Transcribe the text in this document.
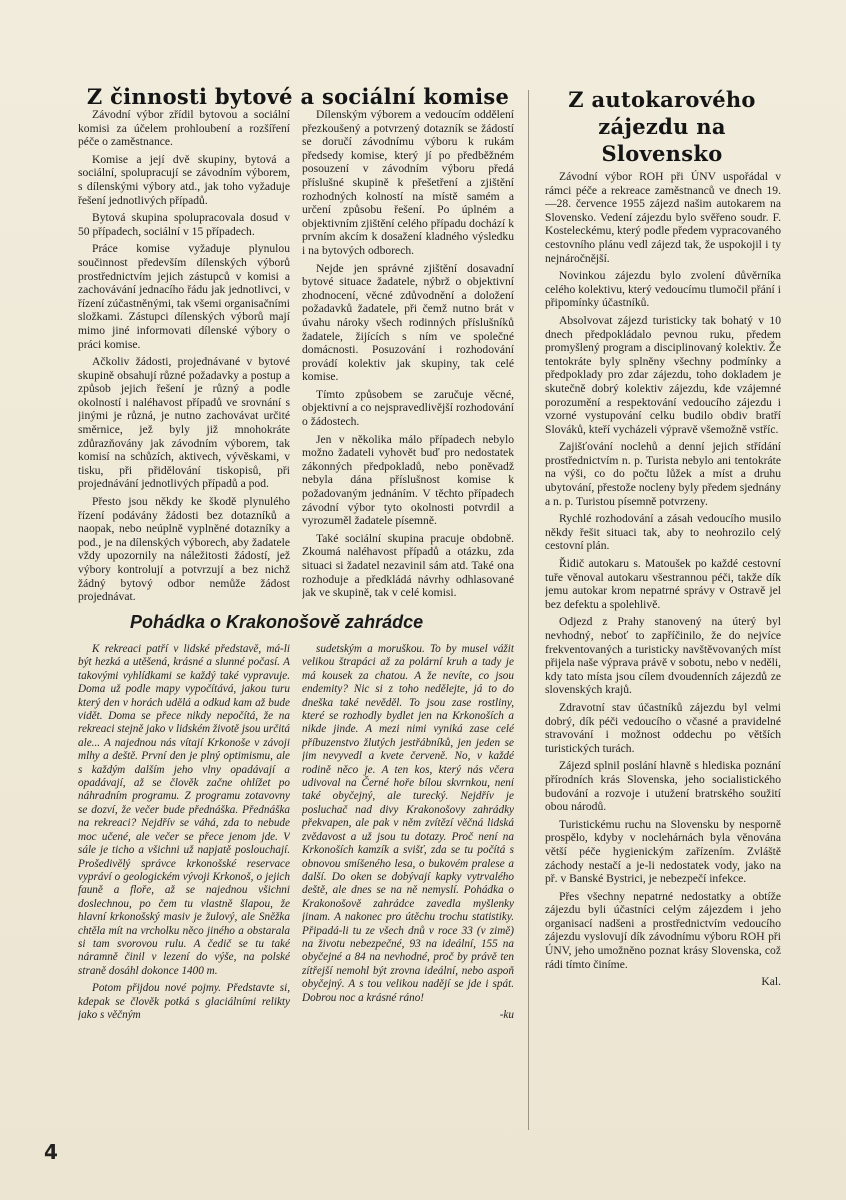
Z činnosti bytové a sociální komise

Závodní výbor zřídil bytovou a sociální komisi za účelem prohloubení a rozšíření péče o zaměstnance.

Komise a její dvě skupiny, bytová a sociální, spolupracují se závodním výborem, s dílenskými výbory atd., jak toho vyžaduje řešení jednotlivých případů.

Bytová skupina spolupracovala dosud v 50 případech, sociální v 15 případech.

Práce komise vyžaduje plynulou součinnost především dílenských výborů prostřednictvím jejich zástupců v komisi a zachovávání jednacího řádu jak jednotlivci, v řízení zúčastněnými, tak všemi organisačními složkami. Zástupci dílenských výborů mají mimo jiné informovati dílenské výbory o práci komise.

Ačkoliv žádosti, projednávané v bytové skupině obsahují různé požadavky a postup a způsob jejich řešení je různý a podle okolností i naléhavost případů ve srovnání s jinými je různá, je nutno zachovávat určité směrnice, jež byly již mnohokráte zdůrazňovány jak závodním výborem, tak komisí na schůzích, aktivech, vývěskami, v tisku, při přidělování tiskopisů, při projednávání jednotlivých případů a pod.

Přesto jsou někdy ke škodě plynulého řízení podávány žádosti bez dotazníků a naopak, nebo neúplně vyplněné dotazníky a pod., je na dílenských výborech, aby žadatele vždy upozornily na náležitosti žádostí, jež výbory kontrolují a potvrzují a bez nichž žádný bytový odbor nemůže žádost projednávat.

Dílenským výborem a vedoucím oddělení přezkoušený a potvrzený dotazník se žádostí se doručí závodnímu výboru k rukám předsedy komise, který jí po předběžném posouzení v závodním výboru předá příslušné skupině k přešetření a zjištění rozhodných kolností na místě samém a určení způsobu řešení. Po úplném a objektivním zjištění celého případu dochází k prvním akcím k dosažení kladného výsledku i na bytových odborech.

Nejde jen správné zjištění dosavadní bytové situace žadatele, nýbrž o objektivní zhodnocení, věcné zdůvodnění a doložení požadavků žadatele, při čemž nutno brát v úvahu nároky všech rodinných příslušníků žadatele, žijících s ním ve společné domácnosti. Posuzování i rozhodování provádí kolektiv jak skupiny, tak celé komise.

Tímto způsobem se zaručuje věcné, objektivní a co nejspravedlivější rozhodování o žádostech.

Jen v několika málo případech nebylo možno žadateli vyhovět buď pro nedostatek zákonných předpokladů, nebo poněvadž nebyla dána příslušnost komise k požadovaným jednáním. V těchto případech závodní výbor tyto okolnosti potvrdil a vyrozuměl žadatele písemně.

Také sociální skupina pracuje obdobně. Zkoumá naléhavost případů a otázku, zda situaci si žadatel nezavinil sám atd. Také ona rozhoduje a předkládá návrhy odhlasované jak ve skupině, tak v celé komisi.

Pohádka o Krakonošově zahrádce

K rekreaci patří v lidské představě, má-li být hezká a utěšená, krásné a slunné počasí. A takovými vyhlídkami se každý také vypravuje. Doma už podle mapy vypočítává, jakou turu který den v horách udělá a odkud kam až bude vidět. Doma se přece nikdy nepočítá, že na rekreaci stejně jako v lidském životě jsou určitá ale... A najednou nás vítají Krkonoše v závoji mlhy a deště. První den je plný optimismu, ale s každým dalším jeho vlny opadávají a opadávají, až se člověk začne ohlížet po náhradním programu. Z programu zotavovny se dozví, že večer bude přednáška. Přednáška na rekreaci? Nejdřív se váhá, zda to nebude moc učené, ale večer se přece jenom jde. V sále je ticho a všichni už napjatě poslouchají. Prošedivělý správce krkonošské reservace vypráví o geologickém vývoji Krkonoš, o jejich fauně a floře, až se najednou všichni doslechnou, po čem tu vlastně šlapou, že hlavní krkonošský masiv je žulový, ale Sněžka chtěla mít na vrcholku něco jiného a obstarala si tam svorovou rulu. A čedič se tu také náramně činil v lezení do výše, na polské straně dosáhl dokonce 1400 m.

Potom přijdou nové pojmy. Představte si, kdepak se člověk potká s glaciálními relikty jako s věčným

sudetským a moruškou. To by musel vážit velikou štrapáci až za polární kruh a tady je má kousek za chatou. A že nevíte, co jsou endemity? Nic si z toho nedělejte, já to do dneška také nevěděl. To jsou zase rostliny, které se rozhodly bydlet jen na Krkonoších a nikde jinde. A mezi nimi vyniká zase celé příbuzenstvo žlutých jestřábníků, jen jeden se jim nevyvedl a kvete červeně. No, v každé rodině něco je. A ten kos, který nás včera udivoval na Černé hoře bílou skvrnkou, není také obyčejný, ale turecký. Nejdřív je posluchač nad divy Krakonošovy zahrádky překvapen, ale pak v něm zvítězí věčná lidská zvědavost a už jsou tu dotazy. Proč není na Krkonoších kamzík a svišť, zda se tu počítá s obnovou smíšeného lesa, o bukovém pralese a další. Do oken se dobývají kapky vytrvalého deště, ale dnes se na ně nemyslí. Pohádka o Krakonošově zahrádce zavedla myšlenky jinam. A nakonec pro útěchu trochu statistiky. Připadá-li tu ze všech dnů v roce 33 (v zimě) na životu nebezpečné, 93 na ideální, 155 na obyčejné a 84 na nevhodné, proč by právě ten zítřejší nemohl být zrovna ideální, nebo aspoň obyčejný. A s tou velikou nadějí se jde i spát. Dobrou noc a krásné ráno!

-ku
Z autokarového zájezdu na Slovensko

Závodní výbor ROH při ÚNV uspořádal v rámci péče a rekreace zaměstnanců ve dnech 19.—28. července 1955 zájezd našim autokarem na Slovensko. Vedení zájezdu bylo svěřeno soudr. F. Kosteleckému, který podle předem vypracovaného cestovního plánu vedl zájezd tak, že uspokojil i ty nejnáročnější.

Novinkou zájezdu bylo zvolení důvěrníka celého kolektivu, který vedoucímu tlumočil přání i připomínky účastníků.

Absolvovat zájezd turisticky tak bohatý v 10 dnech předpokládalo pevnou ruku, předem promyšlený program a disciplinovaný kolektiv. Že tentokráte byly splněny všechny podmínky a předpoklady pro zdar zájezdu, toho dokladem je skutečně dobrý kolektiv zájezdu, kde vzájemné porozumění a respektování vedoucího zájezdu i vzorné vystupování celku budilo obdiv bratří Slováků, kteří vycházeli výpravě všemožně vstříc.

Zajišťování noclehů a denní jejich střídání prostřednictvím n. p. Turista nebylo ani tentokráte na výši, co do počtu lůžek a míst a druhu ubytování, přestože nocleny byly předem sjednány a n. p. Turistou písemně potvrzeny.

Rychlé rozhodování a zásah vedoucího musilo někdy řešit situaci tak, aby to neohrozilo celý cestovní plán.

Řidič autokaru s. Matoušek po každé cestovní tuře věnoval autokaru všestrannou péči, takže dík jemu autokar krom nepatrné správy v Ostravě jel bez defektu a spolehlivě.

Odjezd z Prahy stanovený na úterý byl nevhodný, neboť to zapříčinilo, že do nejvíce frekventovaných a turisticky navštěvovaných míst přijela naše výprava právě v sobotu, nebo v neděli, kdy tato místa jsou cílem dvoudenních zájezdů ze slovenských krajů.

Zdravotní stav účastníků zájezdu byl velmi dobrý, dík péči vedoucího o včasné a pravidelné stravování i možnost oddechu po větších turistických turách.

Zájezd splnil poslání hlavně s hlediska poznání přírodních krás Slovenska, jeho socialistického budování a rozvoje i utužení bratrského soužití obou národů.

Turistickému ruchu na Slovensku by nesporně prospělo, kdyby v noclehárnách byla věnována větší péče hygienickým zařízením. Zvláště záchody nestačí a je-li nedostatek vody, jako na př. v Banské Bystrici, je nebezpečí infekce.

Přes všechny nepatrné nedostatky a obtíže zájezdu byli účastníci celým zájezdem i jeho organisací nadšeni a prostřednictvím vedoucího zájezdu vyslovují dík závodnímu výboru ROH při ÚNV, jeho umožněno poznat krásy Slovenska, což rádi tímto činíme.

Kal.
4
